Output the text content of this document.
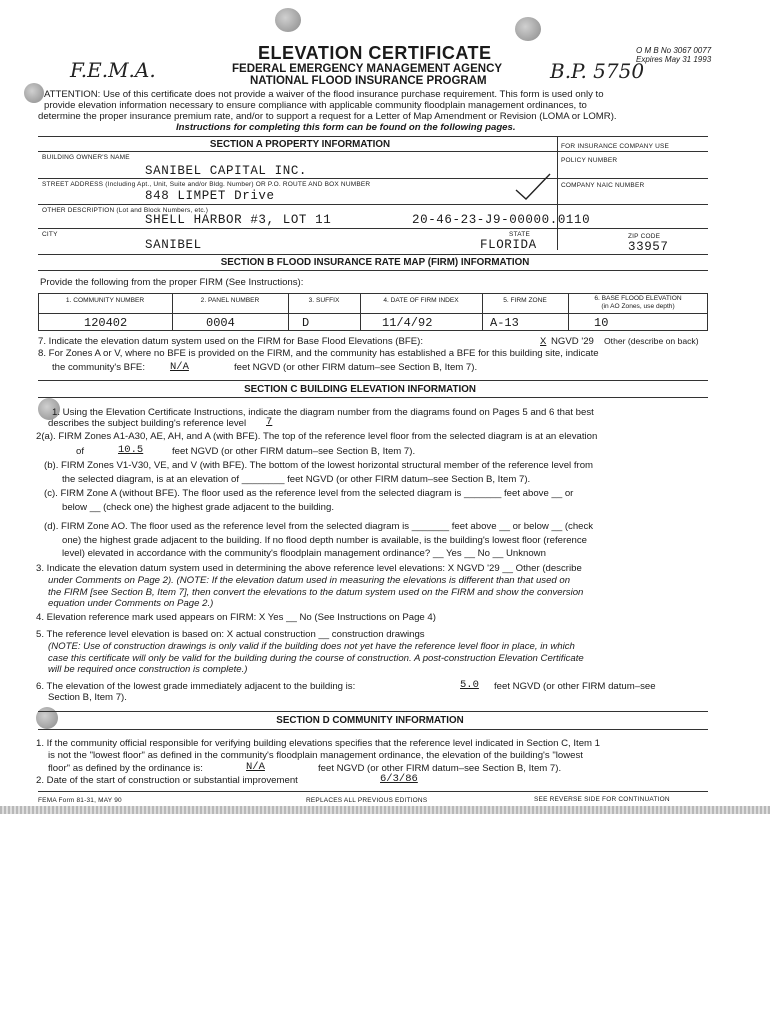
F.E.M.A.
ELEVATION CERTIFICATE
FEDERAL EMERGENCY MANAGEMENT AGENCY
NATIONAL FLOOD INSURANCE PROGRAM
O M B No 3067 0077
Expires May 31 1993
B.P. 5750
ATTENTION: Use of this certificate does not provide a waiver of the flood insurance purchase requirement. This form is used only to
provide elevation information necessary to ensure compliance with applicable community floodplain management ordinances, to
determine the proper insurance premium rate, and/or to support a request for a Letter of Map Amendment or Revision (LOMA or LOMR).
Instructions for completing this form can be found on the following pages.
SECTION A PROPERTY INFORMATION	FOR INSURANCE COMPANY USE
BUILDING OWNER'S NAME	POLICY NUMBER
SANIBEL CAPITAL INC.
STREET ADDRESS (Including Apt., Unit, Suite and/or Bldg. Number) OR P.O. ROUTE AND BOX NUMBER	COMPANY NAIC NUMBER
848 LIMPET Drive
OTHER DESCRIPTION (Lot and Block Numbers, etc.)
SHELL HARBOR #3, LOT 11	20-46-23-J9-00000.0110
CITY	STATE	ZIP CODE
SANIBEL	FLORIDA	33957
SECTION B FLOOD INSURANCE RATE MAP (FIRM) INFORMATION
Provide the following from the proper FIRM (See Instructions):
1. COMMUNITY NUMBER	2. PANEL NUMBER	3. SUFFIX	4. DATE OF FIRM INDEX	5. FIRM ZONE	6. BASE FLOOD ELEVATION
(in AO Zones, use depth)
120402	0004	D	11/4/92	A-13	10
7. Indicate the elevation datum system used on the FIRM for Base Flood Elevations (BFE):	X NGVD '29 Other (describe on back)
8. For Zones A or V, where no BFE is provided on the FIRM, and the community has established a BFE for this building site, indicate
the community's BFE: N/A	feet NGVD (or other FIRM datum–see Section B, Item 7).
SECTION C BUILDING ELEVATION INFORMATION
1. Using the Elevation Certificate Instructions, indicate the diagram number from the diagrams found on Pages 5 and 6 that best
describes the subject building's reference level 7
2(a). FIRM Zones A1-A30, AE, AH, and A (with BFE). The top of the reference level floor from the selected diagram is at an elevation
of	10.5	feet NGVD (or other FIRM datum–see Section B, Item 7).
(b). FIRM Zones V1-V30, VE, and V (with BFE). The bottom of the lowest horizontal structural member of the reference level from
the selected diagram, is at an elevation of ________ feet NGVD (or other FIRM datum–see Section B, Item 7).
(c). FIRM Zone A (without BFE). The floor used as the reference level from the selected diagram is _______ feet above __ or
below __ (check one) the highest grade adjacent to the building.
(d). FIRM Zone AO. The floor used as the reference level from the selected diagram is _______ feet above __ or below __ (check
one) the highest grade adjacent to the building. If no flood depth number is available, is the building's lowest floor (reference
level) elevated in accordance with the community's floodplain management ordinance? __ Yes __ No __ Unknown
3. Indicate the elevation datum system used in determining the above reference level elevations: X NGVD '29 __ Other (describe
under Comments on Page 2). (NOTE: If the elevation datum used in measuring the elevations is different than that used on
the FIRM [see Section B, Item 7], then convert the elevations to the datum system used on the FIRM and show the conversion
equation under Comments on Page 2.)
4. Elevation reference mark used appears on FIRM: X Yes __ No (See Instructions on Page 4)
5. The reference level elevation is based on: X actual construction __ construction drawings
(NOTE: Use of construction drawings is only valid if the building does not yet have the reference level floor in place, in which
case this certificate will only be valid for the building during the course of construction. A post-construction Elevation Certificate
will be required once construction is complete.)
6. The elevation of the lowest grade immediately adjacent to the building is:	5.0 feet NGVD (or other FIRM datum–see
Section B, Item 7).
SECTION D COMMUNITY INFORMATION
1. If the community official responsible for verifying building elevations specifies that the reference level indicated in Section C, Item 1
is not the "lowest floor" as defined in the community's floodplain management ordinance, the elevation of the building's "lowest
floor" as defined by the ordinance is:	N/A	feet NGVD (or other FIRM datum–see Section B, Item 7).
2. Date of the start of construction or substantial improvement	6/3/86
FEMA Form 81-31, MAY 90	REPLACES ALL PREVIOUS EDITIONS	SEE REVERSE SIDE FOR CONTINUATION
